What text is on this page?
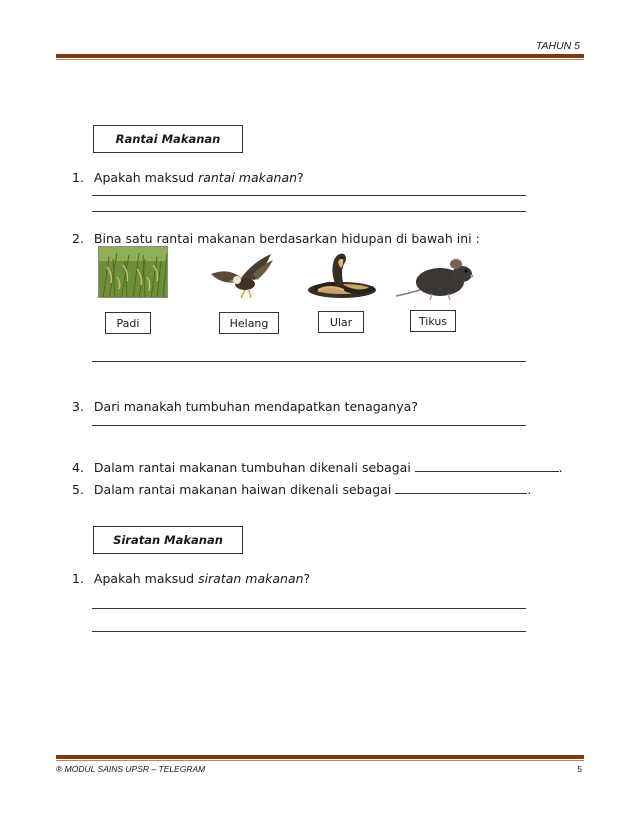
TAHUN 5
Rantai Makanan
1. Apakah maksud rantai makanan?
2. Bina satu rantai makanan berdasarkan hidupan di bawah ini :
Padi	Helang	Ular	Tikus
3. Dari manakah tumbuhan mendapatkan tenaganya?
4. Dalam rantai makanan tumbuhan dikenali sebagai	.
5. Dalam rantai makanan haiwan dikenali sebagai	.
Siratan Makanan
1. Apakah maksud siratan makanan?
® MODUL SAINS UPSR – TELEGRAM	5
